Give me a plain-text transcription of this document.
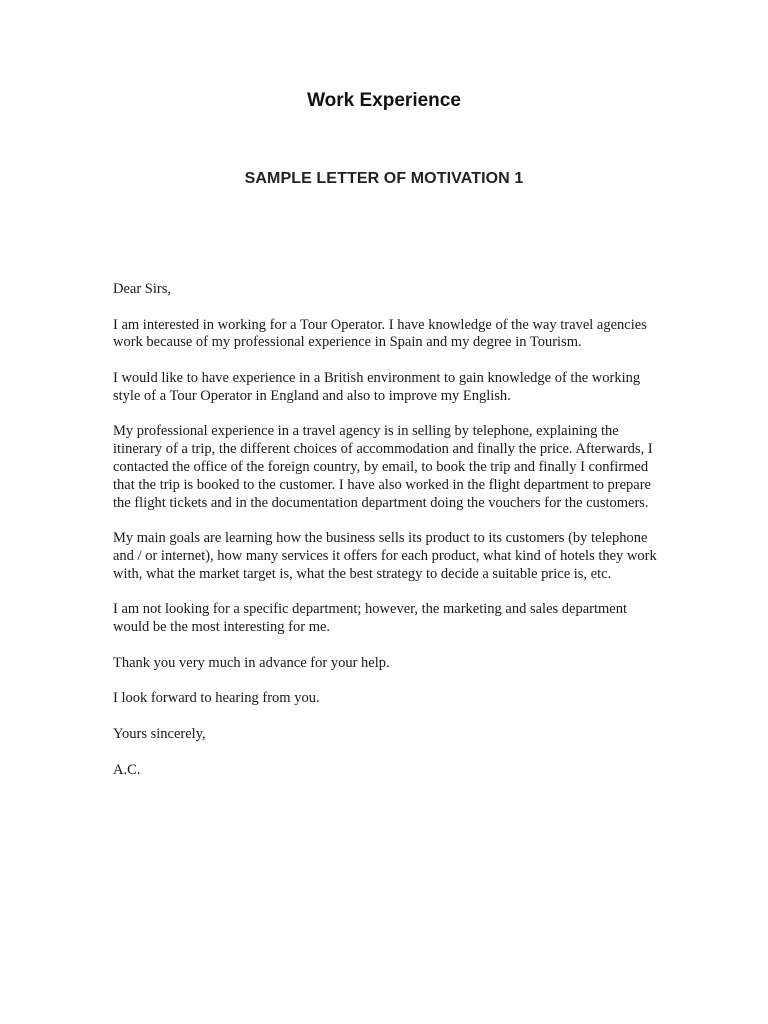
Work Experience
SAMPLE LETTER OF MOTIVATION 1

Dear Sirs,

I am interested in working for a Tour Operator. I have knowledge of the way travel agencies work because of my professional experience in Spain and my degree in Tourism.

I would like to have experience in a British environment to gain knowledge of the working style of a Tour Operator in England and also to improve my English.

My professional experience in a travel agency is in selling by telephone, explaining the itinerary of a trip, the different choices of accommodation and finally the price. Afterwards, I contacted the office of the foreign country, by email, to book the trip and finally I confirmed that the trip is booked to the customer. I have also worked in the flight department to prepare the flight tickets and in the documentation department doing the vouchers for the customers.

My main goals are learning how the business sells its product to its customers (by telephone and / or internet), how many services it offers for each product, what kind of hotels they work with, what the market target is, what the best strategy to decide a suitable price is, etc.

I am not looking for a specific department; however, the marketing and sales department would be the most interesting for me.

Thank you very much in advance for your help.

I look forward to hearing from you.

Yours sincerely,

A.C.
